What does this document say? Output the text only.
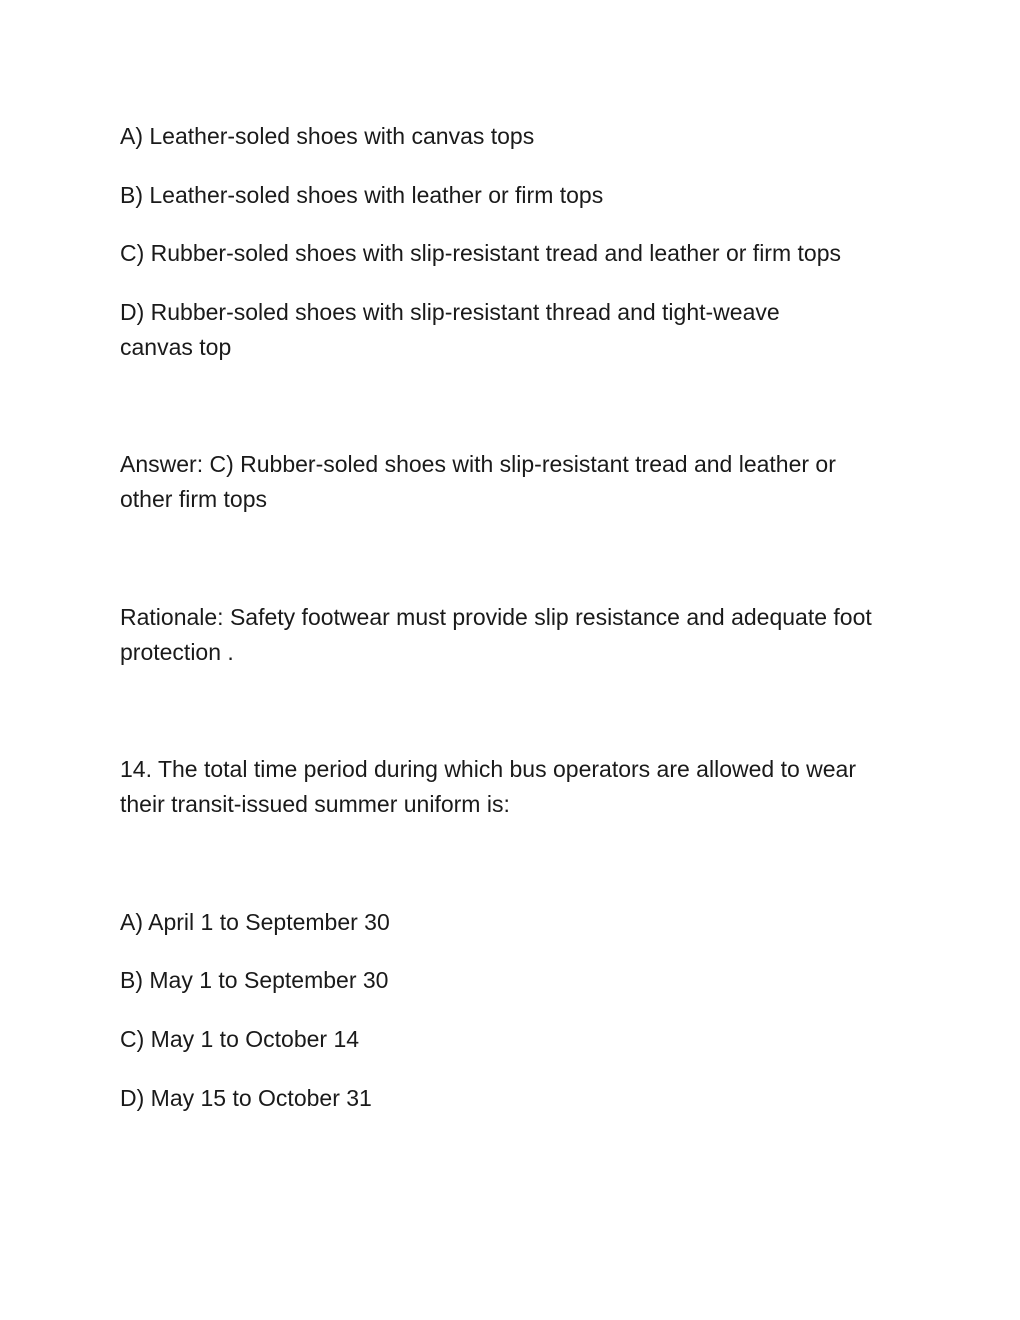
A) Leather-soled shoes with canvas tops

B) Leather-soled shoes with leather or firm tops

C) Rubber-soled shoes with slip-resistant tread and leather or firm tops

D) Rubber-soled shoes with slip-resistant thread and tight-weave canvas top

Answer: C) Rubber-soled shoes with slip-resistant tread and leather or other firm tops

Rationale: Safety footwear must provide slip resistance and adequate foot protection .

14. The total time period during which bus operators are allowed to wear their transit-issued summer uniform is:

A) April 1 to September 30

B) May 1 to September 30

C) May 1 to October 14

D) May 15 to October 31
